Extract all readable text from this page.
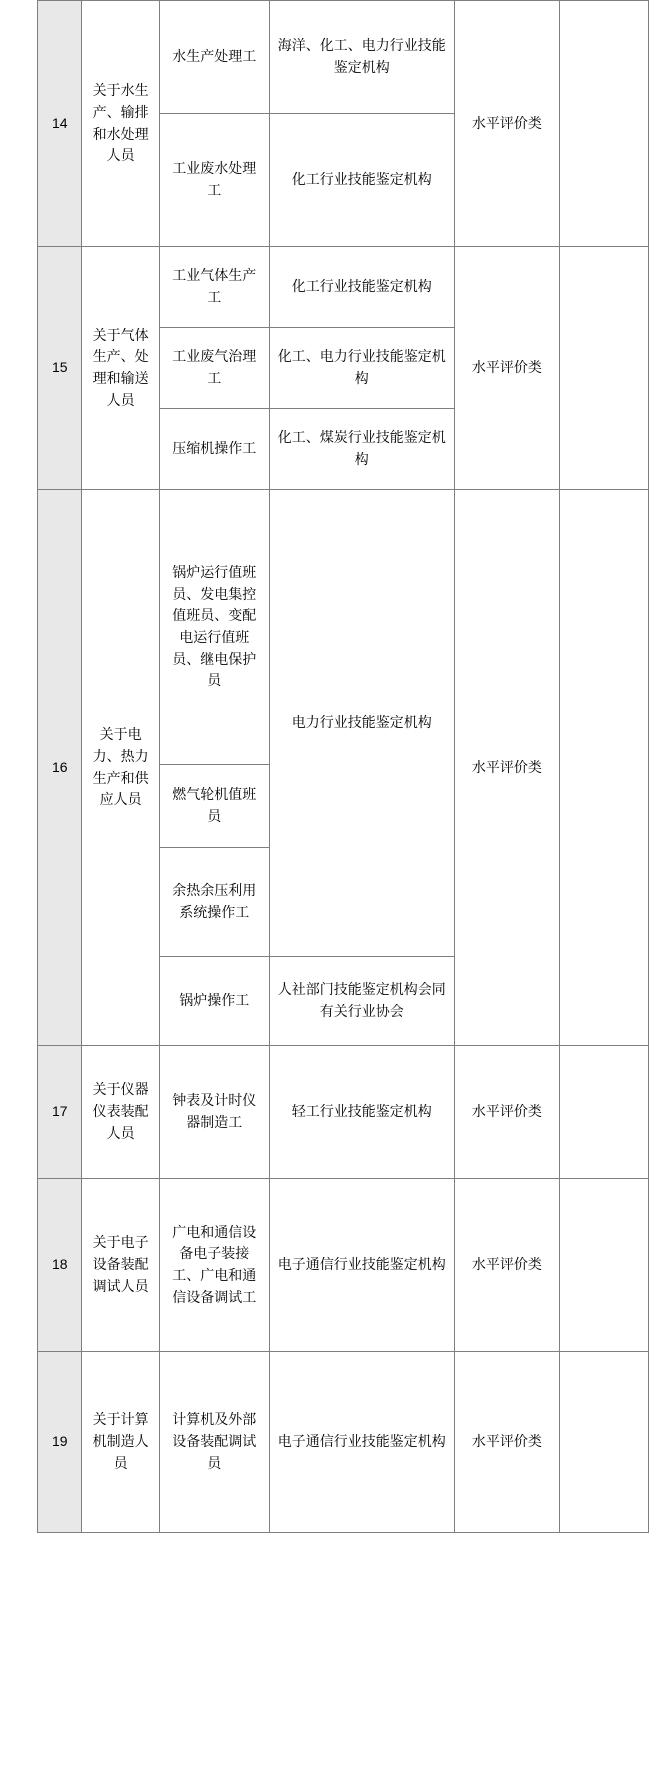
14	关于水生产、输排和水处理人员	水生产处理工	海洋、化工、电力行业技能鉴定机构	水平评价类	
		工业废水处理工	化工行业技能鉴定机构		
15	关于气体生产、处理和输送人员	工业气体生产工	化工行业技能鉴定机构	水平评价类	
		工业废气治理工	化工、电力行业技能鉴定机构		
		压缩机操作工	化工、煤炭行业技能鉴定机构		
16	关于电力、热力生产和供应人员	锅炉运行值班员、发电集控值班员、变配电运行值班员、继电保护员	电力行业技能鉴定机构	水平评价类	
		燃气轮机值班员			
		余热余压利用系统操作工			
		锅炉操作工	人社部门技能鉴定机构会同有关行业协会		
17	关于仪器仪表装配人员	钟表及计时仪器制造工	轻工行业技能鉴定机构	水平评价类	
18	关于电子设备装配调试人员	广电和通信设备电子装接工、广电和通信设备调试工	电子通信行业技能鉴定机构	水平评价类	
19	关于计算机制造人员	计算机及外部设备装配调试员	电子通信行业技能鉴定机构	水平评价类	
